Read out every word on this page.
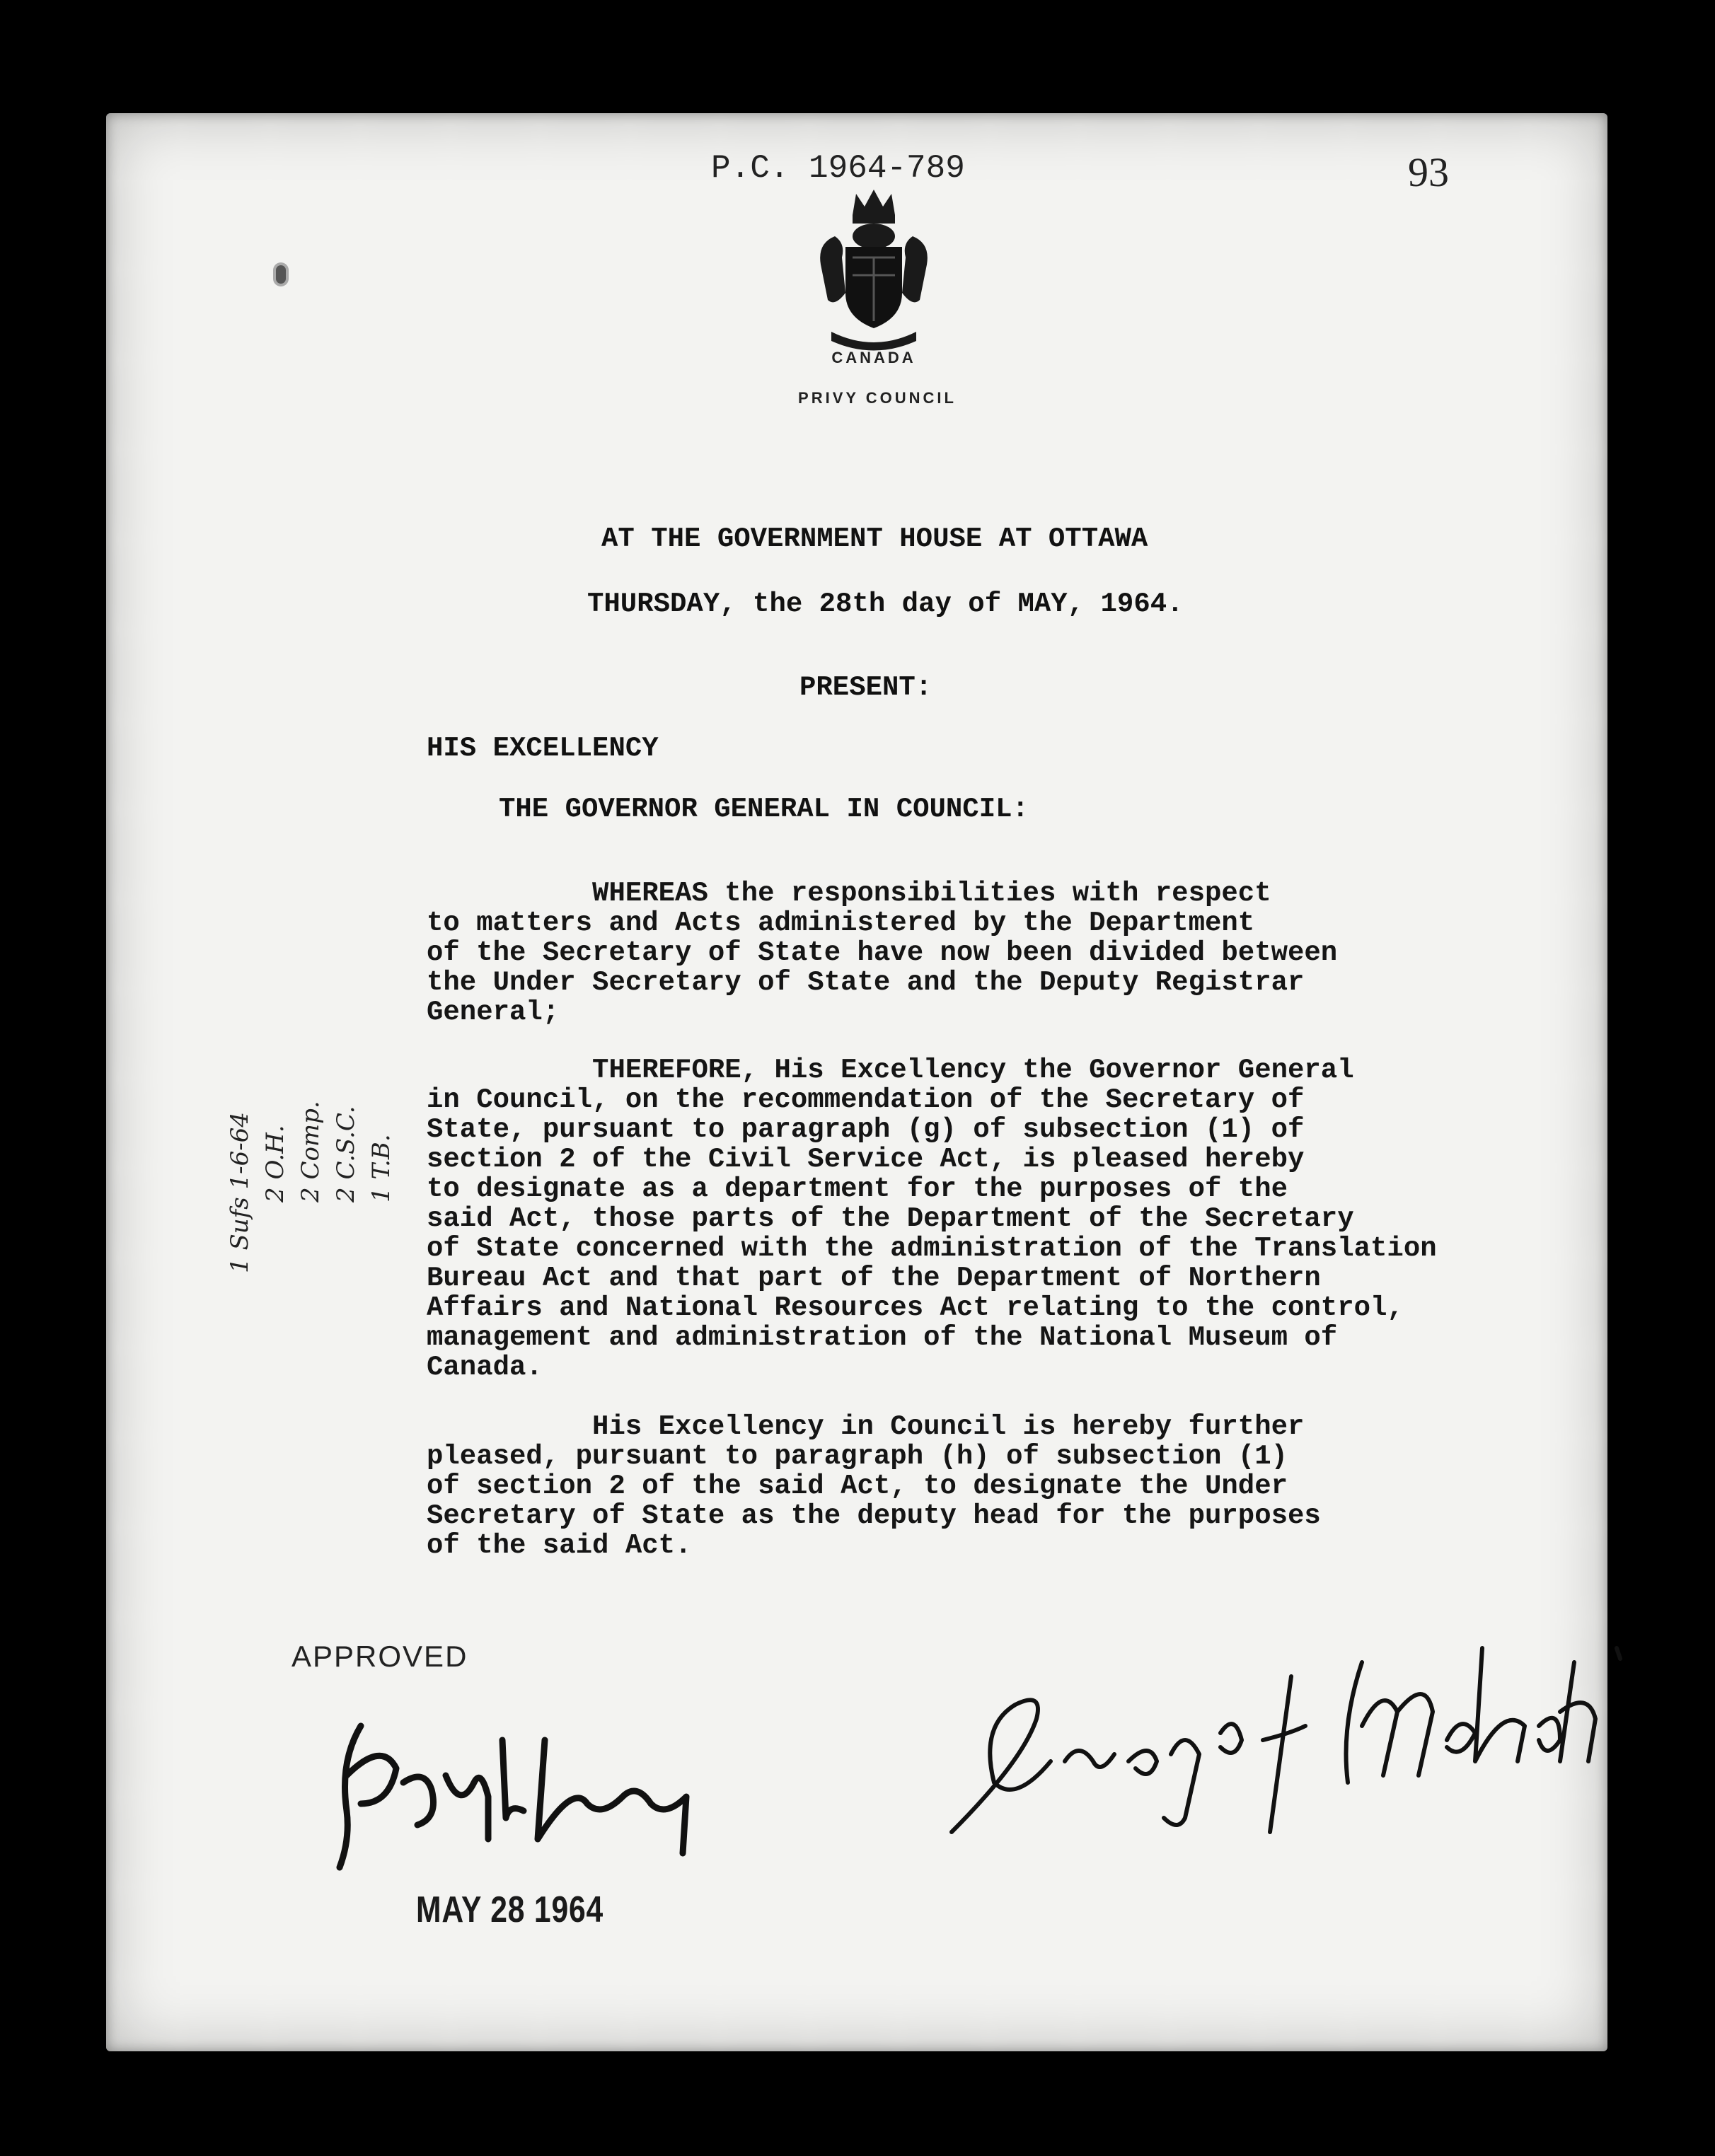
P.C. 1964-789	93
CANADA
PRIVY COUNCIL
AT THE GOVERNMENT HOUSE AT OTTAWA
THURSDAY, the 28th day of MAY, 1964.
PRESENT:
HIS EXCELLENCY
THE GOVERNOR GENERAL IN COUNCIL:
WHEREAS the responsibilities with respect
to matters and Acts administered by the Department
of the Secretary of State have now been divided between
the Under Secretary of State and the Deputy Registrar
General;
THEREFORE, His Excellency the Governor General
in Council, on the recommendation of the Secretary of
State, pursuant to paragraph (g) of subsection (1) of
section 2 of the Civil Service Act, is pleased hereby
to designate as a department for the purposes of the
said Act, those parts of the Department of the Secretary
of State concerned with the administration of the Translation
Bureau Act and that part of the Department of Northern
Affairs and National Resources Act relating to the control,
management and administration of the National Museum of
Canada.
His Excellency in Council is hereby further
pleased, pursuant to paragraph (h) of subsection (1)
of section 2 of the said Act, to designate the Under
Secretary of State as the deputy head for the purposes
of the said Act.
1 Sufs 1-6-64 2 O.H. 2 Comp. 2 C.S.C. 1 T.B.
APPROVED
MAY 28 1964
